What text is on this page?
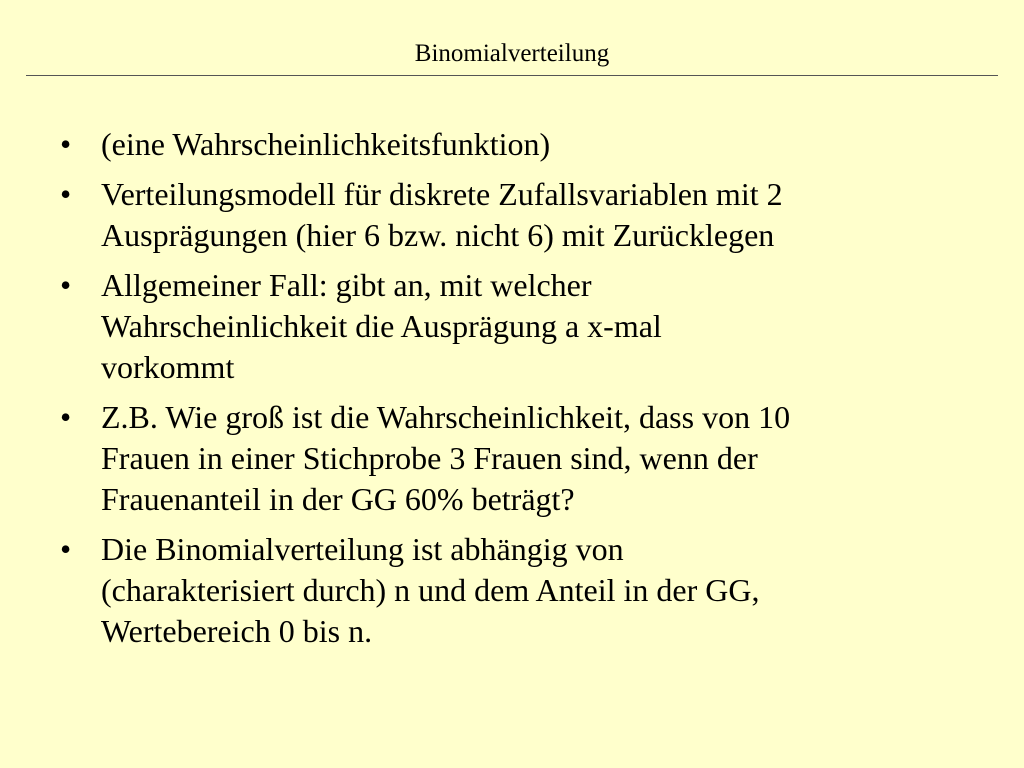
Binomialverteilung
• (eine Wahrscheinlichkeitsfunktion)
• Verteilungsmodell für diskrete Zufallsvariablen mit 2
Ausprägungen (hier 6 bzw. nicht 6) mit Zurücklegen
• Allgemeiner Fall: gibt an, mit welcher
Wahrscheinlichkeit die Ausprägung a x-mal
vorkommt
• Z.B. Wie groß ist die Wahrscheinlichkeit, dass von 10
Frauen in einer Stichprobe 3 Frauen sind, wenn der
Frauenanteil in der GG 60% beträgt?
• Die Binomialverteilung ist abhängig von
(charakterisiert durch) n und dem Anteil in der GG,
Wertebereich 0 bis n.
